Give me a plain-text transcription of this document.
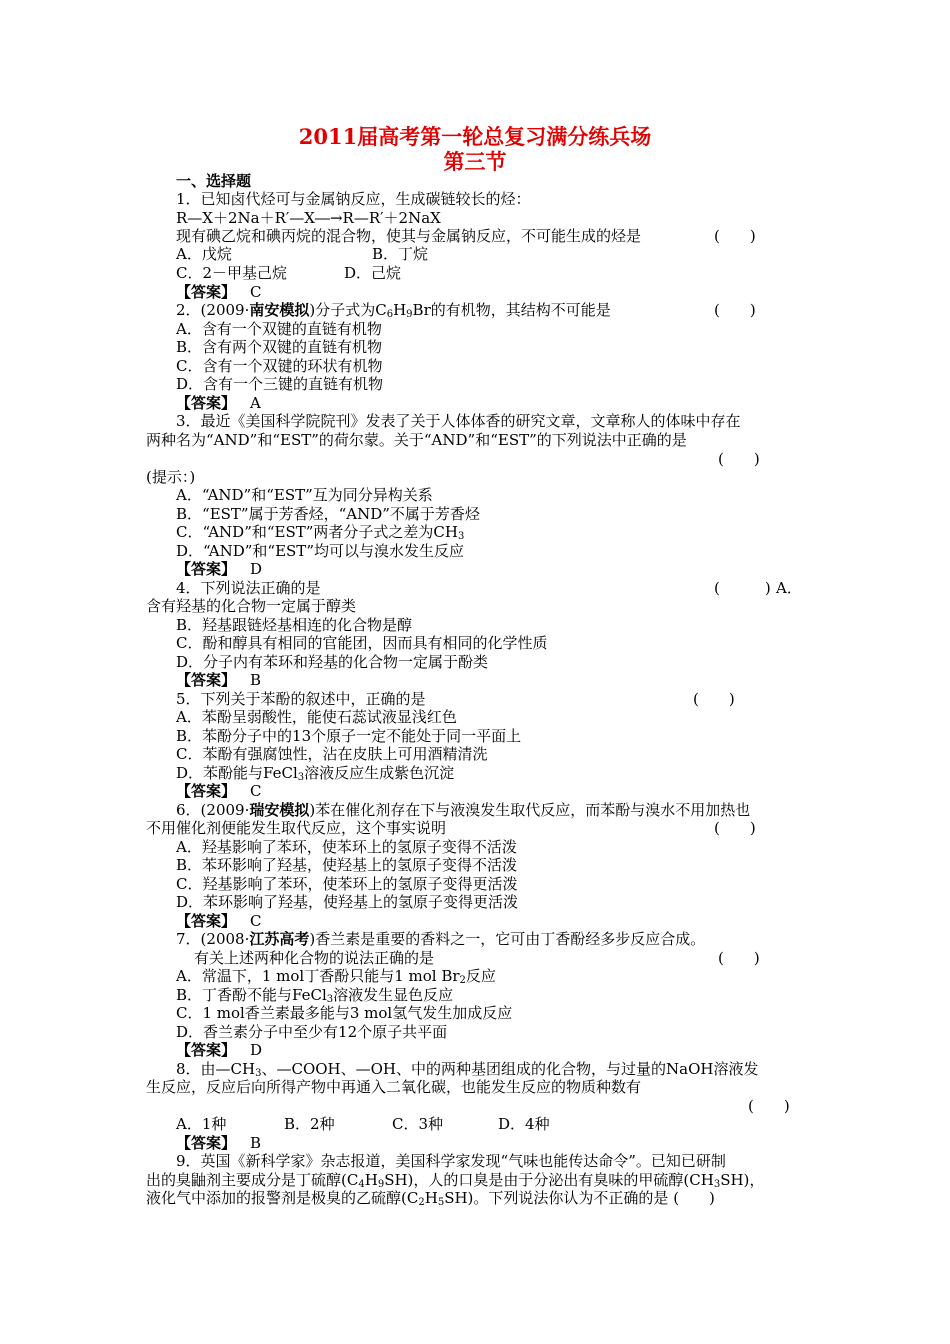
2011届高考第一轮总复习满分练兵场
第三节
一、选择题
1．已知卤代烃可与金属钠反应，生成碳链较长的烃：
R—X＋2Na＋R′—X―→R—R′＋2NaX
现有碘乙烷和碘丙烷的混合物，使其与金属钠反应，不可能生成的烃是	(　　)
A．戊烷	B．丁烷
C．2－甲基己烷	D．己烷
【答案】 C
2．(2009·南安模拟)分子式为$C_6H_9Br$的有机物，其结构不可能是	(　　)
A．含有一个双键的直链有机物
B．含有两个双键的直链有机物
C．含有一个双键的环状有机物
D．含有一个三键的直链有机物
【答案】 A
3．最近《美国科学院院刊》发表了关于人体体香的研究文章，文章称人的体味中存在
两种名为“AND”和“EST”的荷尔蒙。关于“AND”和“EST”的下列说法中正确的是
(　　)
(提示：)
A．“AND”和“EST”互为同分异构关系
B．“EST”属于芳香烃，“AND”不属于芳香烃
C．“AND”和“EST”两者分子式之差为$CH_3$
D．“AND”和“EST”均可以与溴水发生反应
【答案】 D
4．下列说法正确的是	(　　　) A．
含有羟基的化合物一定属于醇类
B．羟基跟链烃基相连的化合物是醇
C．酚和醇具有相同的官能团，因而具有相同的化学性质
D．分子内有苯环和羟基的化合物一定属于酚类
【答案】 B
5．下列关于苯酚的叙述中，正确的是	(　　)
A．苯酚呈弱酸性，能使石蕊试液显浅红色
B．苯酚分子中的13个原子一定不能处于同一平面上
C．苯酚有强腐蚀性，沾在皮肤上可用酒精清洗
D．苯酚能与FeCl$_3$溶液反应生成紫色沉淀
【答案】 C
6．(2009·瑞安模拟)苯在催化剂存在下与液溴发生取代反应，而苯酚与溴水不用加热也
不用催化剂便能发生取代反应，这个事实说明	(　　)
A．羟基影响了苯环，使苯环上的氢原子变得不活泼
B．苯环影响了羟基，使羟基上的氢原子变得不活泼
C．羟基影响了苯环，使苯环上的氢原子变得更活泼
D．苯环影响了羟基，使羟基上的氢原子变得更活泼
【答案】 C
7．(2008·江苏高考)香兰素是重要的香料之一，它可由丁香酚经多步反应合成。
有关上述两种化合物的说法正确的是	(　　)
A．常温下，1 mol丁香酚只能与1 mol $Br_2$反应
B．丁香酚不能与FeCl$_3$溶液发生显色反应
C．1 mol香兰素最多能与3 mol氢气发生加成反应
D．香兰素分子中至少有12个原子共平面
【答案】 D
8．由$—CH_3$、—COOH、—OH、中的两种基团组成的化合物，与过量的NaOH溶液发
生反应，反应后向所得产物中再通入二氧化碳，也能发生反应的物质种数有
(　　)
A．1种	B．2种	C．3种	D．4种
【答案】 B
9．英国《新科学家》杂志报道，美国科学家发现“气味也能传达命令”。已知已研制
出的臭鼬剂主要成分是丁硫醇$(C_4H_9SH)$，人的口臭是由于分泌出有臭味的甲硫醇$(CH_3SH)$，
液化气中添加的报警剂是极臭的乙硫醇$(C_2H_5SH)$。下列说法你认为不正确的是 (　　)
